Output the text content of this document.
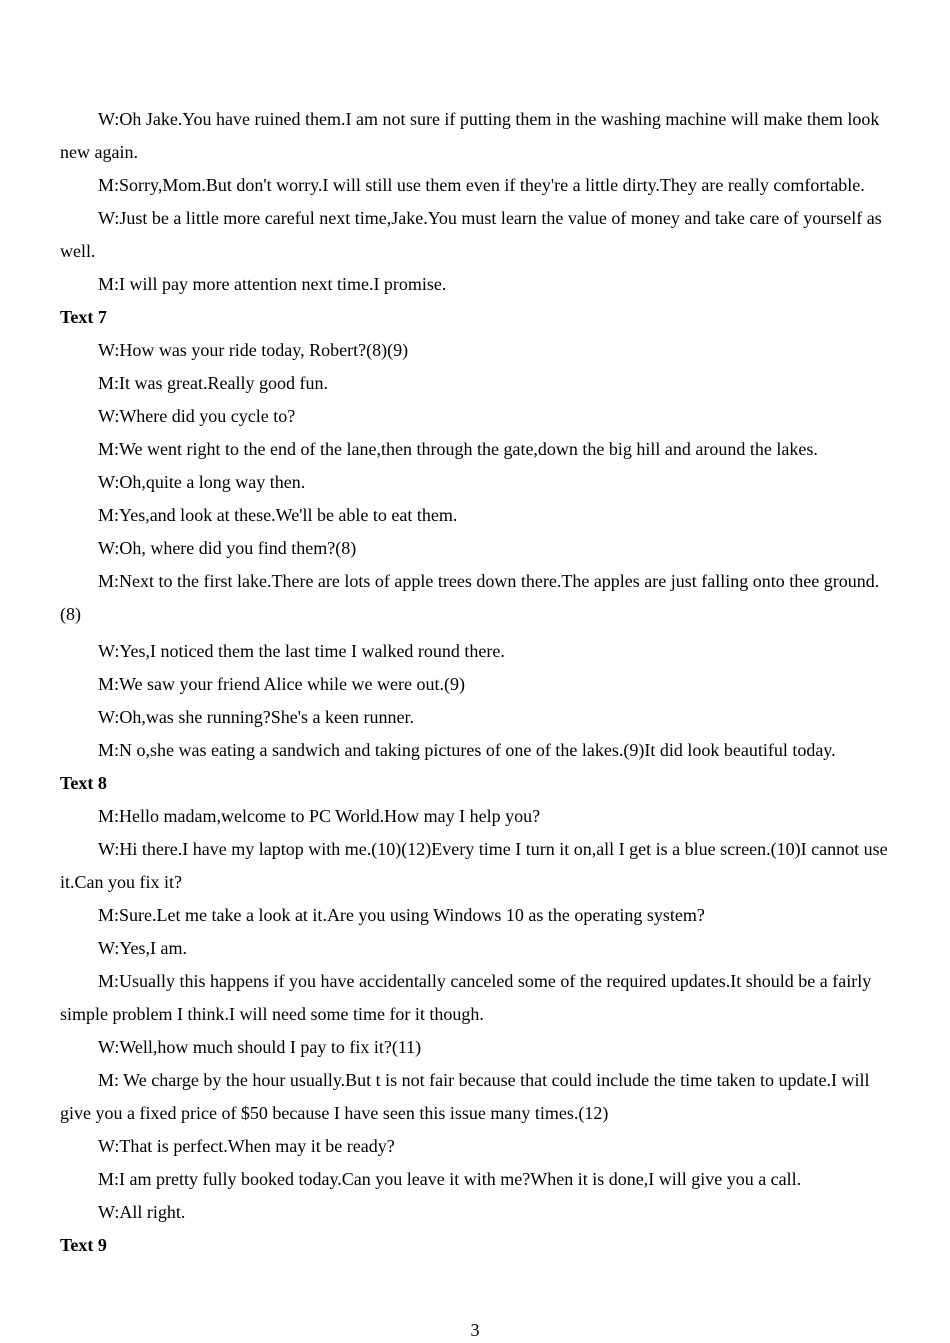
W:Oh Jake.You have ruined them.I am not sure if putting them in the washing machine will make them look new again.

M:Sorry,Mom.But don't worry.I will still use them even if they're a little dirty.They are really comfortable.

W:Just be a little more careful next time,Jake.You must learn the value of money and take care of yourself as well.

M:I will pay more attention next time.I promise.

Text 7

W:How was your ride today, Robert?(8)(9)

M:It was great.Really good fun.

W:Where did you cycle to?

M:We went right to the end of the lane,then through the gate,down the big hill and around the lakes.

W:Oh,quite a long way then.

M:Yes,and look at these.We'll be able to eat them.

W:Oh, where did you find them?(8)

M:Next to the first lake.There are lots of apple trees down there.The apples are just falling onto thee ground.(8)

W:Yes,I noticed them the last time I walked round there.

M:We saw your friend Alice while we were out.(9)

W:Oh,was she running?She's a keen runner.

M:N o,she was eating a sandwich and taking pictures of one of the lakes.(9)It did look beautiful today.

Text 8

M:Hello madam,welcome to PC World.How may I help you?

W:Hi there.I have my laptop with me.(10)(12)Every time I turn it on,all I get is a blue screen.(10)I cannot use it.Can you fix it?

M:Sure.Let me take a look at it.Are you using Windows 10 as the operating system?

W:Yes,I am.

M:Usually this happens if you have accidentally canceled some of the required updates.It should be a fairly simple problem I think.I will need some time for it though.

W:Well,how much should I pay to fix it?(11)

M: We charge by the hour usually.But t is not fair because that could include the time taken to update.I will give you a fixed price of $50 because I have seen this issue many times.(12)

W:That is perfect.When may it be ready?

M:I am pretty fully booked today.Can you leave it with me?When it is done,I will give you a call.

W:All right.

Text 9

3
